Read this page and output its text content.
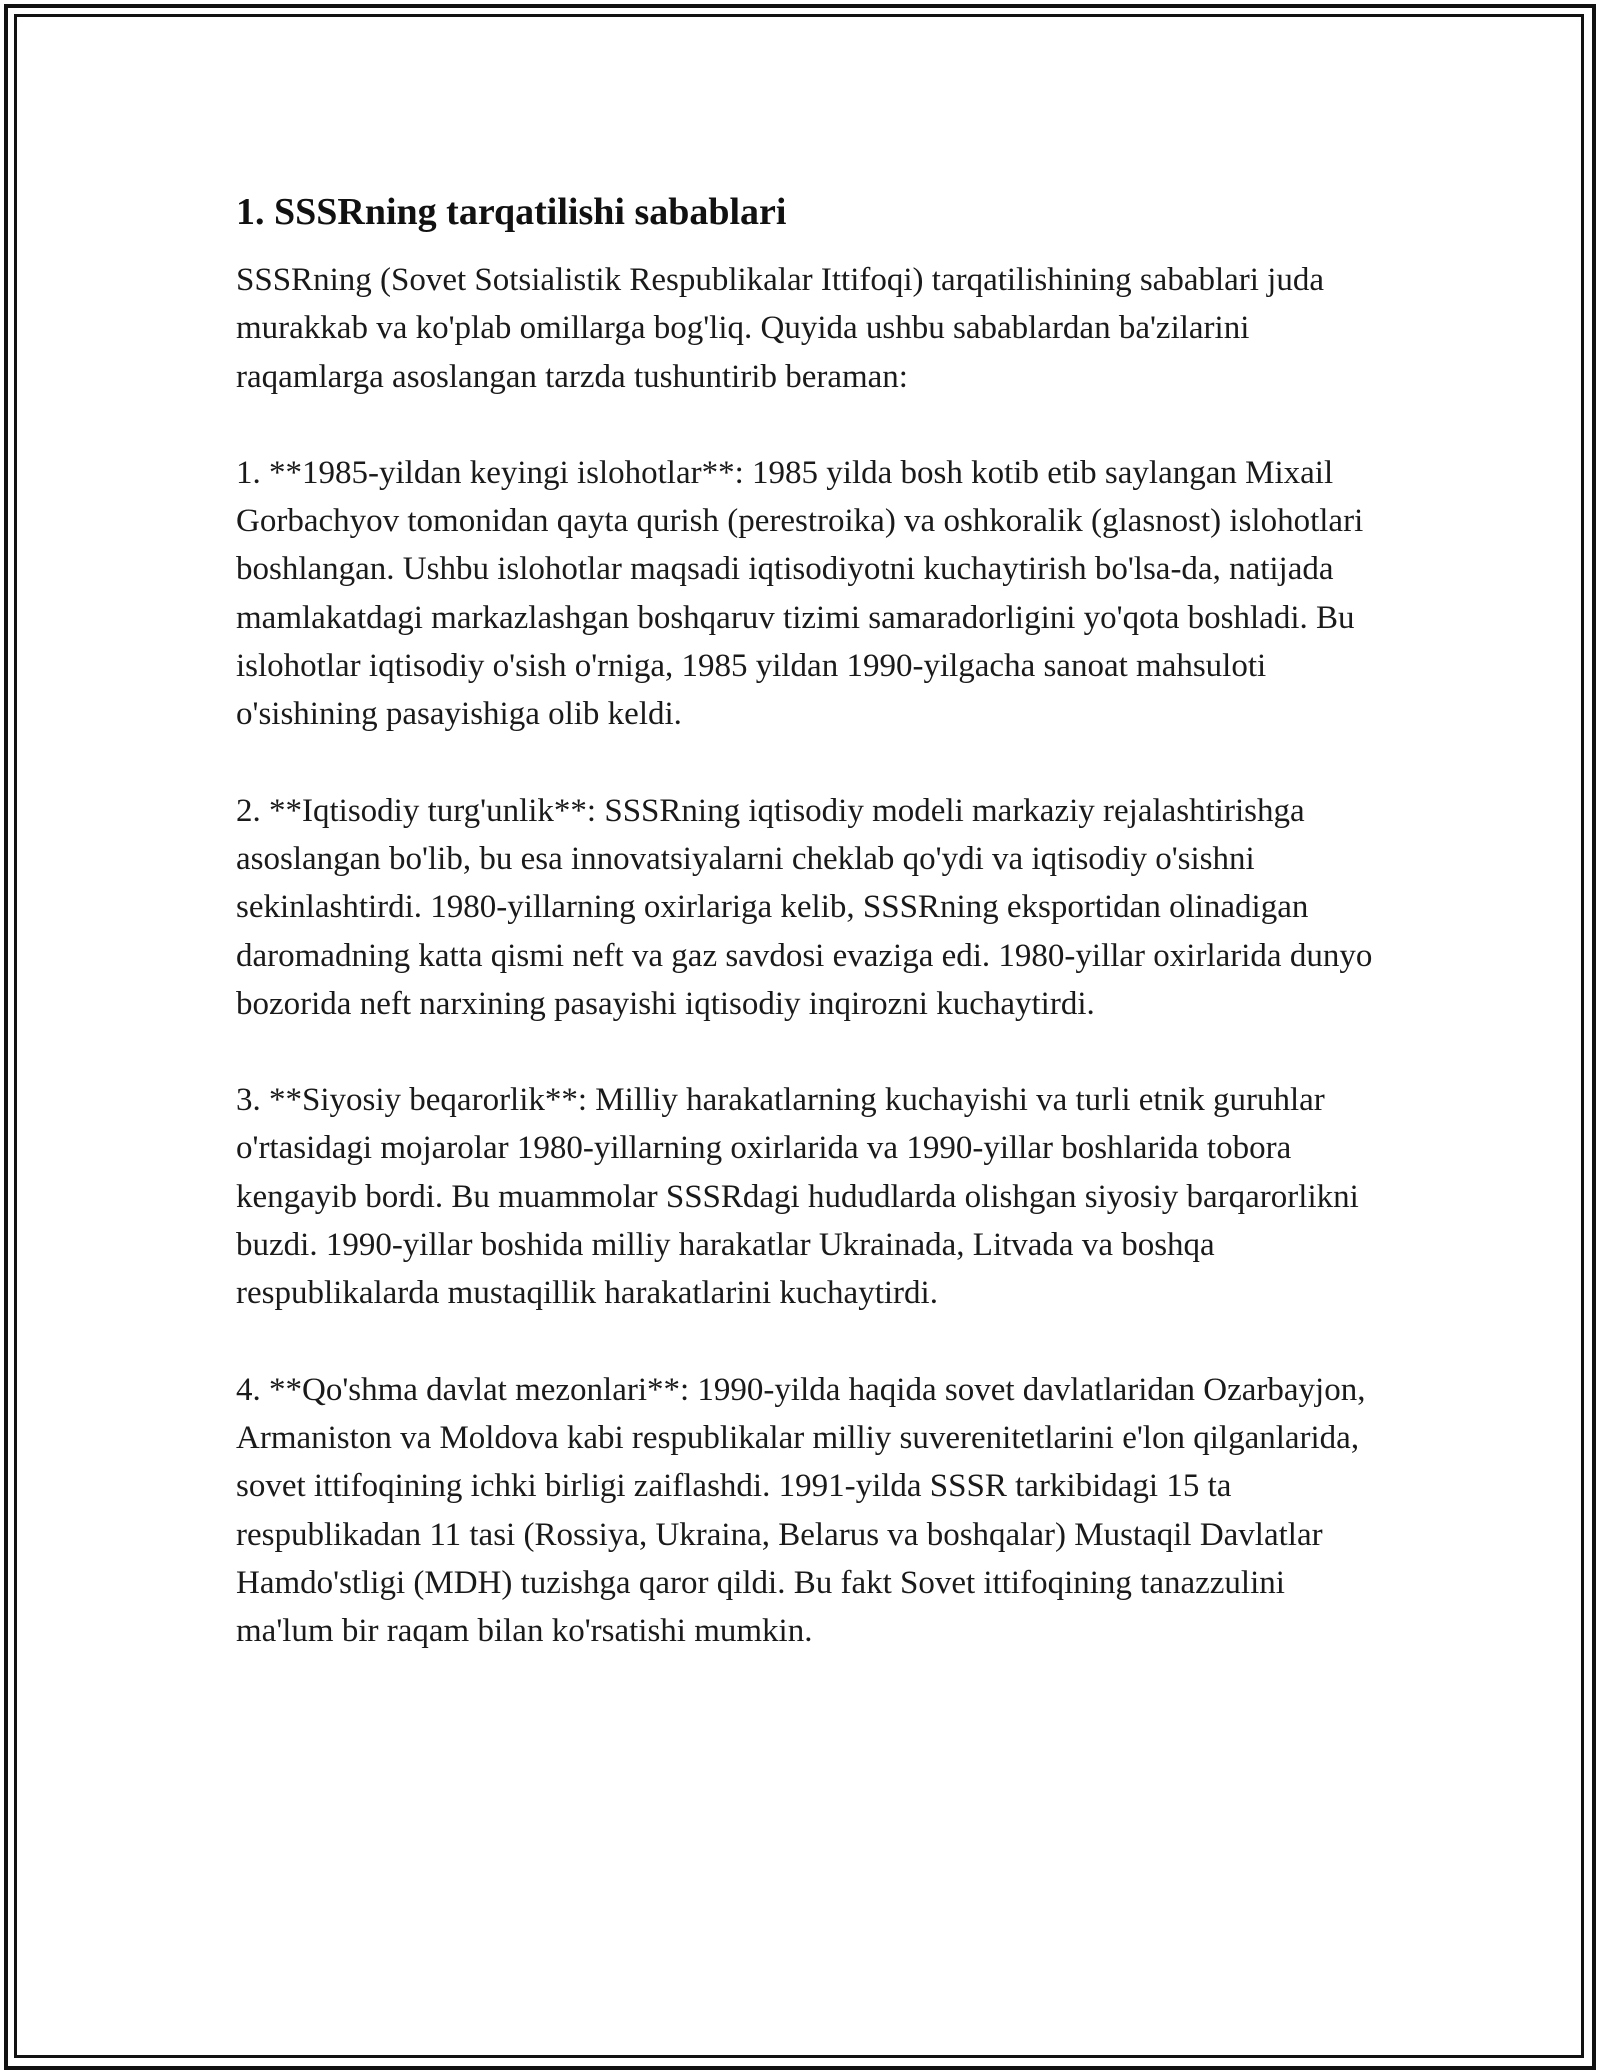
1. SSSRning tarqatilishi sabablari

SSSRning (Sovet Sotsialistik Respublikalar Ittifoqi) tarqatilishining sabablari juda murakkab va ko'plab omillarga bog'liq. Quyida ushbu sabablardan ba'zilarini raqamlarga asoslangan tarzda tushuntirib beraman:

1. **1985-yildan keyingi islohotlar**: 1985 yilda bosh kotib etib saylangan Mixail Gorbachyov tomonidan qayta qurish (perestroika) va oshkoralik (glasnost) islohotlari boshlangan. Ushbu islohotlar maqsadi iqtisodiyotni kuchaytirish bo'lsa-da, natijada mamlakatdagi markazlashgan boshqaruv tizimi samaradorligini yo'qota boshladi. Bu islohotlar iqtisodiy o'sish o'rniga, 1985 yildan 1990-yilgacha sanoat mahsuloti o'sishining pasayishiga olib keldi.

2. **Iqtisodiy turg'unlik**: SSSRning iqtisodiy modeli markaziy rejalashtirishga asoslangan bo'lib, bu esa innovatsiyalarni cheklab qo'ydi va iqtisodiy o'sishni sekinlashtirdi. 1980-yillarning oxirlariga kelib, SSSRning eksportidan olinadigan daromadning katta qismi neft va gaz savdosi evaziga edi. 1980-yillar oxirlarida dunyo bozorida neft narxining pasayishi iqtisodiy inqirozni kuchaytirdi.

3. **Siyosiy beqarorlik**: Milliy harakatlarning kuchayishi va turli etnik guruhlar o'rtasidagi mojarolar 1980-yillarning oxirlarida va 1990-yillar boshlarida tobora kengayib bordi. Bu muammolar SSSRdagi hududlarda olishgan siyosiy barqarorlikni buzdi. 1990-yillar boshida milliy harakatlar Ukrainada, Litvada va boshqa respublikalarda mustaqillik harakatlarini kuchaytirdi.

4. **Qo'shma davlat mezonlari**: 1990-yilda haqida sovet davlatlaridan Ozarbayjon, Armaniston va Moldova kabi respublikalar milliy suverenitetlarini e'lon qilganlarida, sovet ittifoqining ichki birligi zaiflashdi. 1991-yilda SSSR tarkibidagi 15 ta respublikadan 11 tasi (Rossiya, Ukraina, Belarus va boshqalar) Mustaqil Davlatlar Hamdo'stligi (MDH) tuzishga qaror qildi. Bu fakt Sovet ittifoqining tanazzulini ma'lum bir raqam bilan ko'rsatishi mumkin.
